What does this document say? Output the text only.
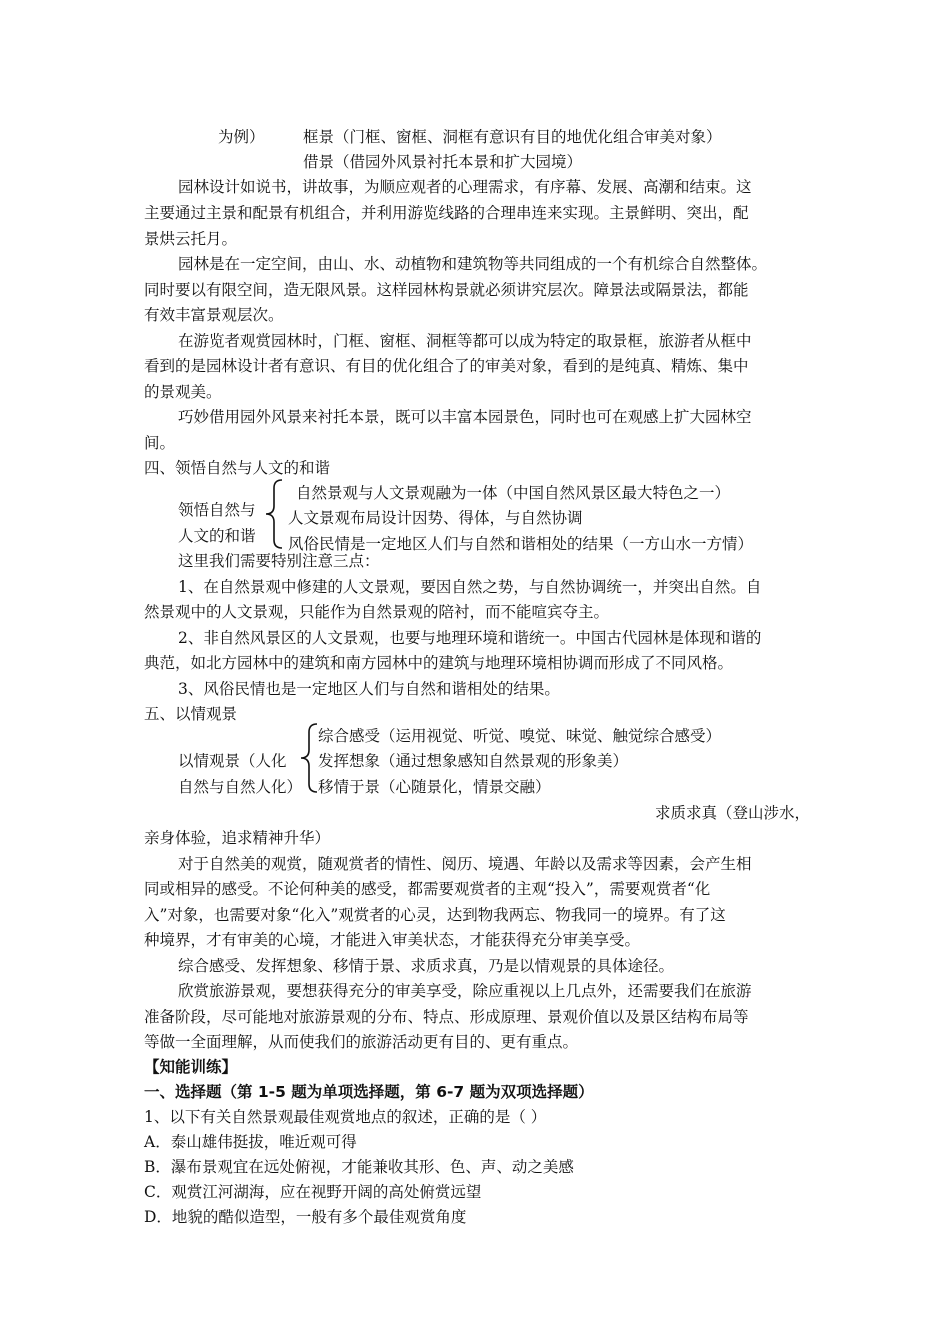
为例） 框景（门框、窗框、洞框有意识有目的地优化组合审美对象）
借景（借园外风景衬托本景和扩大园境）
园林设计如说书，讲故事，为顺应观者的心理需求，有序幕、发展、高潮和结束。这
主要通过主景和配景有机组合，并利用游览线路的合理串连来实现。主景鲜明、突出，配
景烘云托月。
园林是在一定空间，由山、水、动植物和建筑物等共同组成的一个有机综合自然整体。
同时要以有限空间，造无限风景。这样园林构景就必须讲究层次。障景法或隔景法，都能
有效丰富景观层次。
在游览者观赏园林时，门框、窗框、洞框等都可以成为特定的取景框，旅游者从框中
看到的是园林设计者有意识、有目的优化组合了的审美对象，看到的是纯真、精炼、集中
的景观美。
巧妙借用园外风景来衬托本景，既可以丰富本园景色，同时也可在观感上扩大园林空
间。
四、领悟自然与人文的和谐
自然景观与人文景观融为一体（中国自然风景区最大特色之一）
领悟自然与 人文景观布局设计因势、得体，与自然协调
人文的和谐 风俗民情是一定地区人们与自然和谐相处的结果（一方山水一方情）
这里我们需要特别注意三点：
1、在自然景观中修建的人文景观，要因自然之势，与自然协调统一，并突出自然。自
然景观中的人文景观，只能作为自然景观的陪衬，而不能喧宾夺主。
2、非自然风景区的人文景观，也要与地理环境和谐统一。中国古代园林是体现和谐的
典范，如北方园林中的建筑和南方园林中的建筑与地理环境相协调而形成了不同风格。
3、风俗民情也是一定地区人们与自然和谐相处的结果。
五、以情观景
综合感受（运用视觉、听觉、嗅觉、味觉、触觉综合感受）
以情观景（人化 发挥想象（通过想象感知自然景观的形象美）
自然与自然人化） 移情于景（心随景化，情景交融）
求质求真（登山涉水，
亲身体验，追求精神升华）
对于自然美的观赏，随观赏者的情性、阅历、境遇、年龄以及需求等因素，会产生相
同或相异的感受。不论何种美的感受，都需要观赏者的主观“投入”，需要观赏者“化
入”对象，也需要对象“化入”观赏者的心灵，达到物我两忘、物我同一的境界。有了这
种境界，才有审美的心境，才能进入审美状态，才能获得充分审美享受。
综合感受、发挥想象、移情于景、求质求真，乃是以情观景的具体途径。
欣赏旅游景观，要想获得充分的审美享受，除应重视以上几点外，还需要我们在旅游
准备阶段，尽可能地对旅游景观的分布、特点、形成原理、景观价值以及景区结构布局等
等做一全面理解，从而使我们的旅游活动更有目的、更有重点。
【知能训练】
一、选择题（第 1-5 题为单项选择题，第 6-7 题为双项选择题）
1、以下有关自然景观最佳观赏地点的叙述，正确的是（ ）
A．泰山雄伟挺拔，唯近观可得
B．瀑布景观宜在远处俯视，才能兼收其形、色、声、动之美感
C．观赏江河湖海，应在视野开阔的高处俯赏远望
D．地貌的酷似造型，一般有多个最佳观赏角度
